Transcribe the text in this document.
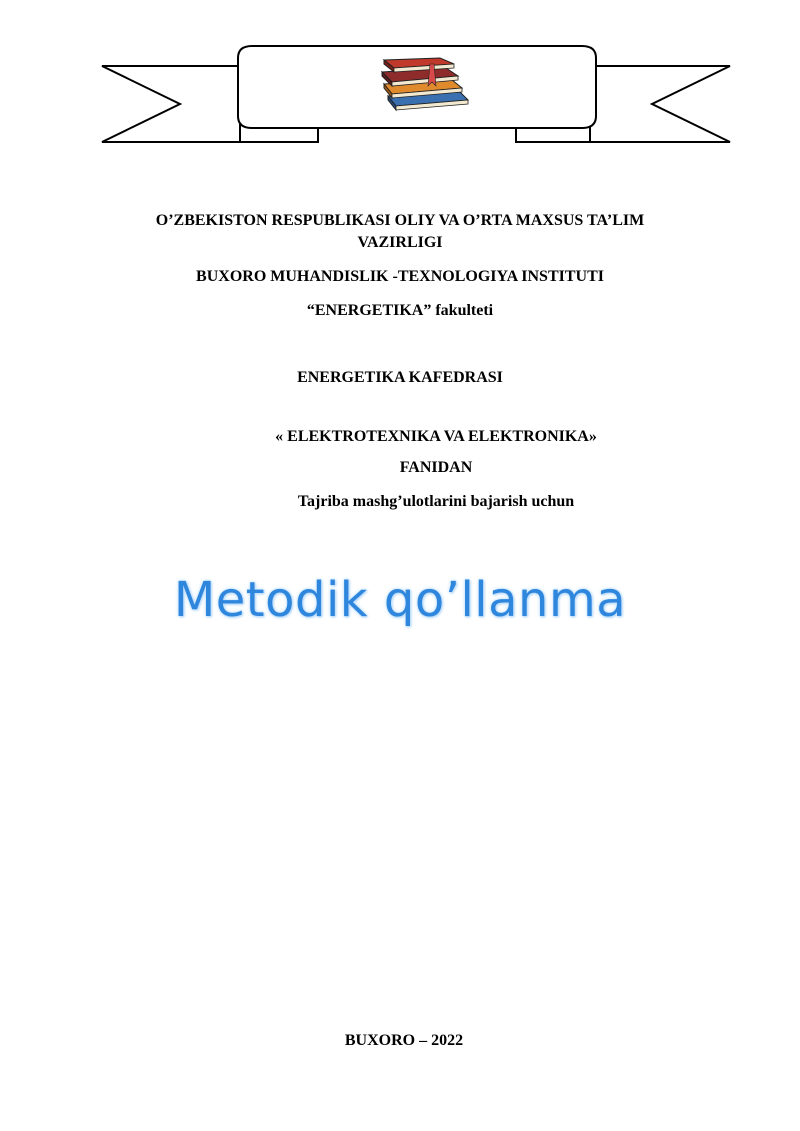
O’ZBEKISTON RESPUBLIKASI OLIY VA O’RTA MAXSUS TA’LIM
VAZIRLIGI
BUXORO MUHANDISLIK -TEXNOLOGIYA INSTITUTI
“ENERGETIKA” fakulteti
ENERGETIKA KAFEDRASI
« ELEKTROTEXNIKA VA ELEKTRONIKA»
FANIDAN
Tajriba mashg’ulotlarini bajarish uchun
Metodik qo’llanma
BUXORO – 2022
